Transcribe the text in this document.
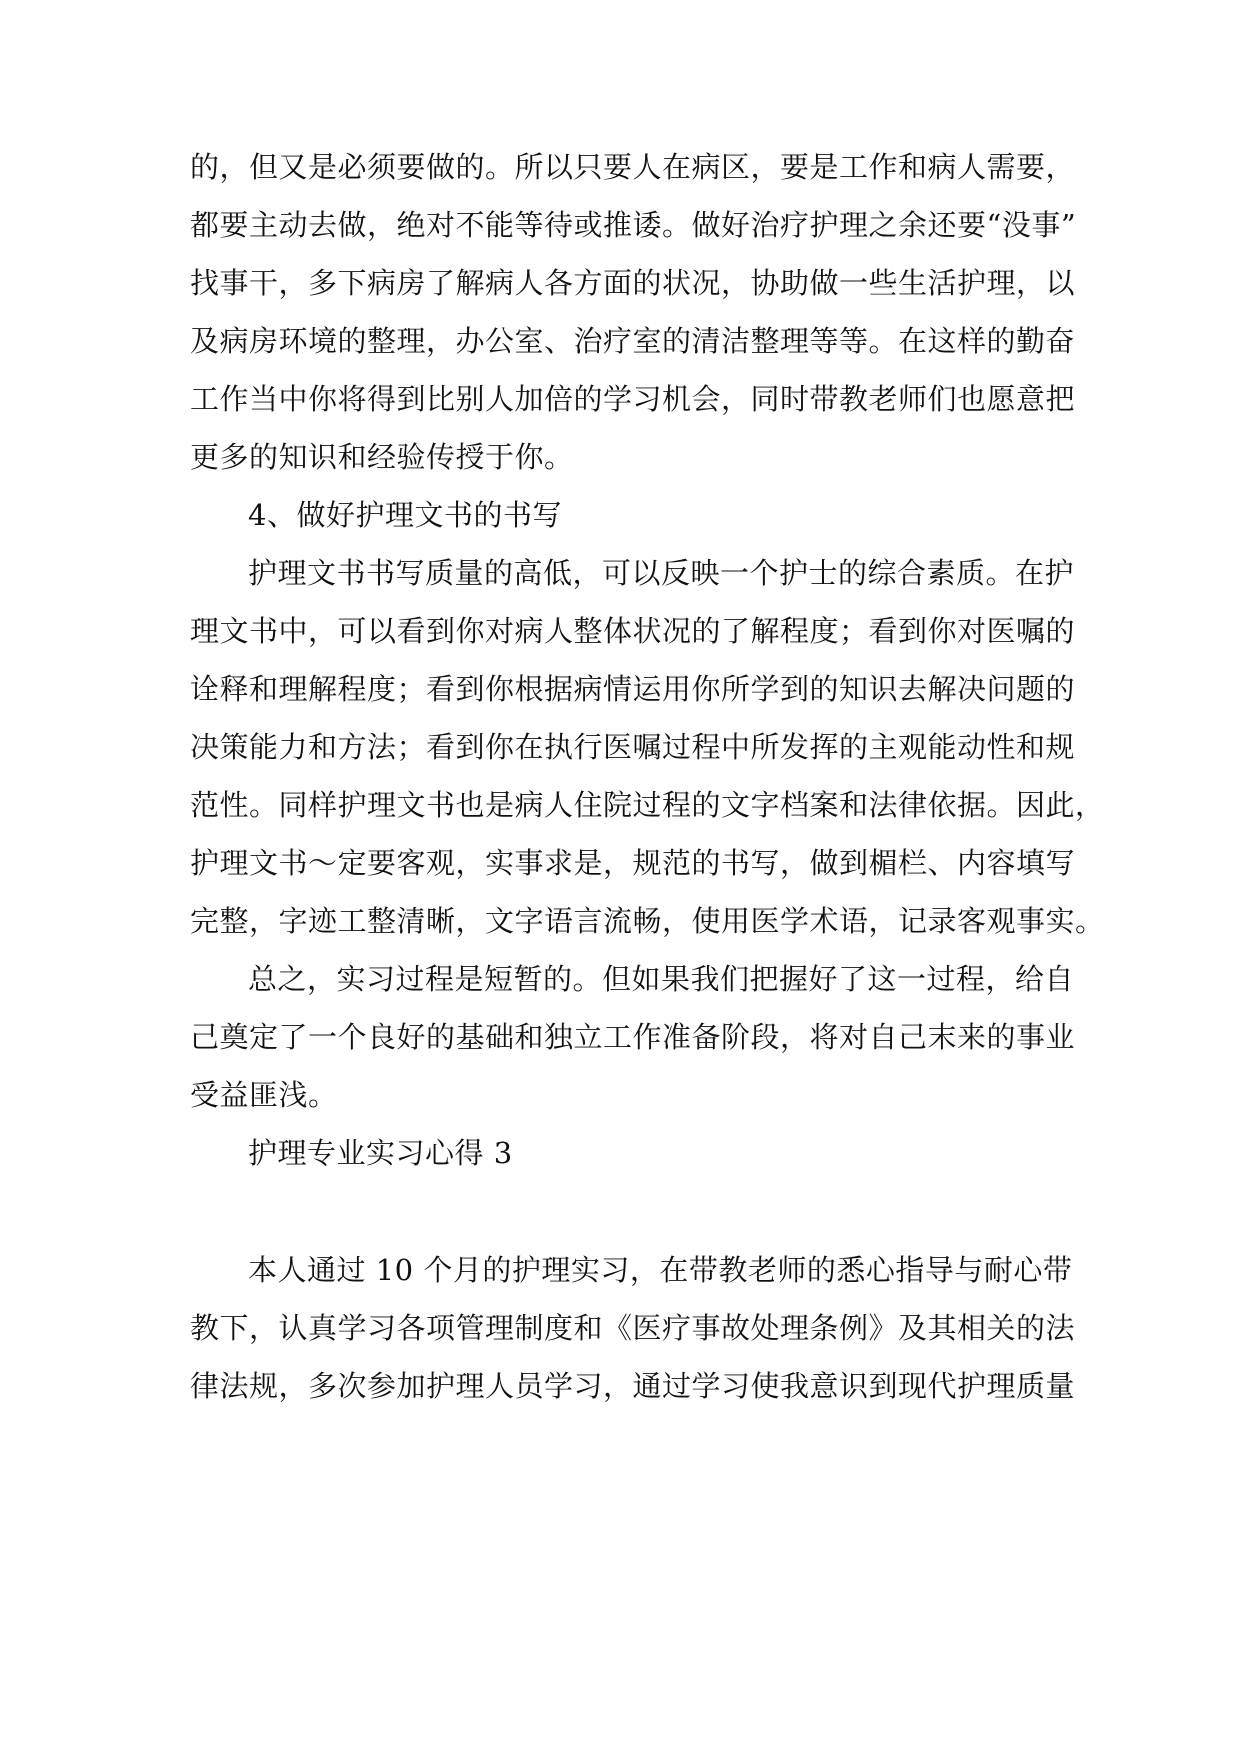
的，但又是必须要做的。所以只要人在病区，要是工作和病人需要，
都要主动去做，绝对不能等待或推诿。做好治疗护理之余还要“没事”
找事干，多下病房了解病人各方面的状况，协助做一些生活护理，以
及病房环境的整理，办公室、治疗室的清洁整理等等。在这样的勤奋
工作当中你将得到比别人加倍的学习机会，同时带教老师们也愿意把
更多的知识和经验传授于你。
4、做好护理文书的书写
护理文书书写质量的高低，可以反映一个护士的综合素质。在护
理文书中，可以看到你对病人整体状况的了解程度；看到你对医嘱的
诠释和理解程度；看到你根据病情运用你所学到的知识去解决问题的
决策能力和方法；看到你在执行医嘱过程中所发挥的主观能动性和规
范性。同样护理文书也是病人住院过程的文字档案和法律依据。因此，
护理文书～定要客观，实事求是，规范的书写，做到楣栏、内容填写
完整，字迹工整清晰，文字语言流畅，使用医学术语，记录客观事实。
总之，实习过程是短暂的。但如果我们把握好了这一过程，给自
己奠定了一个良好的基础和独立工作准备阶段，将对自己末来的事业
受益匪浅。
护理专业实习心得 3
本人通过 10 个月的护理实习，在带教老师的悉心指导与耐心带
教下，认真学习各项管理制度和《医疗事故处理条例》及其相关的法
律法规，多次参加护理人员学习，通过学习使我意识到现代护理质量
